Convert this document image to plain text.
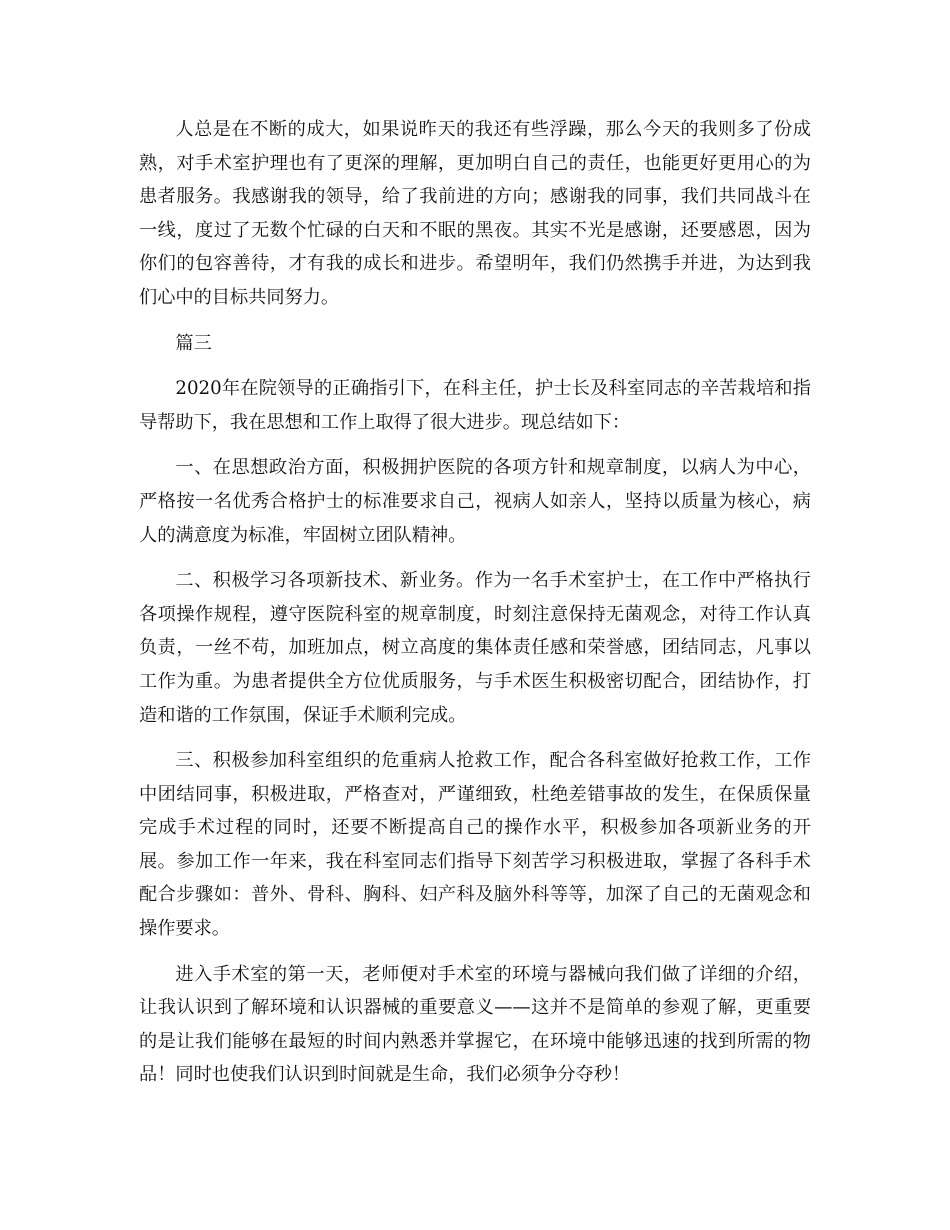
人总是在不断的成大，如果说昨天的我还有些浮躁，那么今天的我则多了份成熟，对手术室护理也有了更深的理解，更加明白自己的责任，也能更好更用心的为患者服务。我感谢我的领导，给了我前进的方向；感谢我的同事，我们共同战斗在一线，度过了无数个忙碌的白天和不眠的黑夜。其实不光是感谢，还要感恩，因为你们的包容善待，才有我的成长和进步。希望明年，我们仍然携手并进，为达到我们心中的目标共同努力。

篇三

2020年在院领导的正确指引下，在科主任，护士长及科室同志的辛苦栽培和指导帮助下，我在思想和工作上取得了很大进步。现总结如下：

一、在思想政治方面，积极拥护医院的各项方针和规章制度，以病人为中心，严格按一名优秀合格护士的标准要求自己，视病人如亲人，坚持以质量为核心，病人的满意度为标准，牢固树立团队精神。

二、积极学习各项新技术、新业务。作为一名手术室护士，在工作中严格执行各项操作规程，遵守医院科室的规章制度，时刻注意保持无菌观念，对待工作认真负责，一丝不苟，加班加点，树立高度的集体责任感和荣誉感，团结同志，凡事以工作为重。为患者提供全方位优质服务，与手术医生积极密切配合，团结协作，打造和谐的工作氛围，保证手术顺利完成。

三、积极参加科室组织的危重病人抢救工作，配合各科室做好抢救工作，工作中团结同事，积极进取，严格查对，严谨细致，杜绝差错事故的发生，在保质保量完成手术过程的同时，还要不断提高自己的操作水平，积极参加各项新业务的开展。参加工作一年来，我在科室同志们指导下刻苦学习积极进取，掌握了各科手术配合步骤如：普外、骨科、胸科、妇产科及脑外科等等，加深了自己的无菌观念和操作要求。

进入手术室的第一天，老师便对手术室的环境与器械向我们做了详细的介绍，让我认识到了解环境和认识器械的重要意义——这并不是简单的参观了解，更重要的是让我们能够在最短的时间内熟悉并掌握它，在环境中能够迅速的找到所需的物品！同时也使我们认识到时间就是生命，我们必须争分夺秒！
